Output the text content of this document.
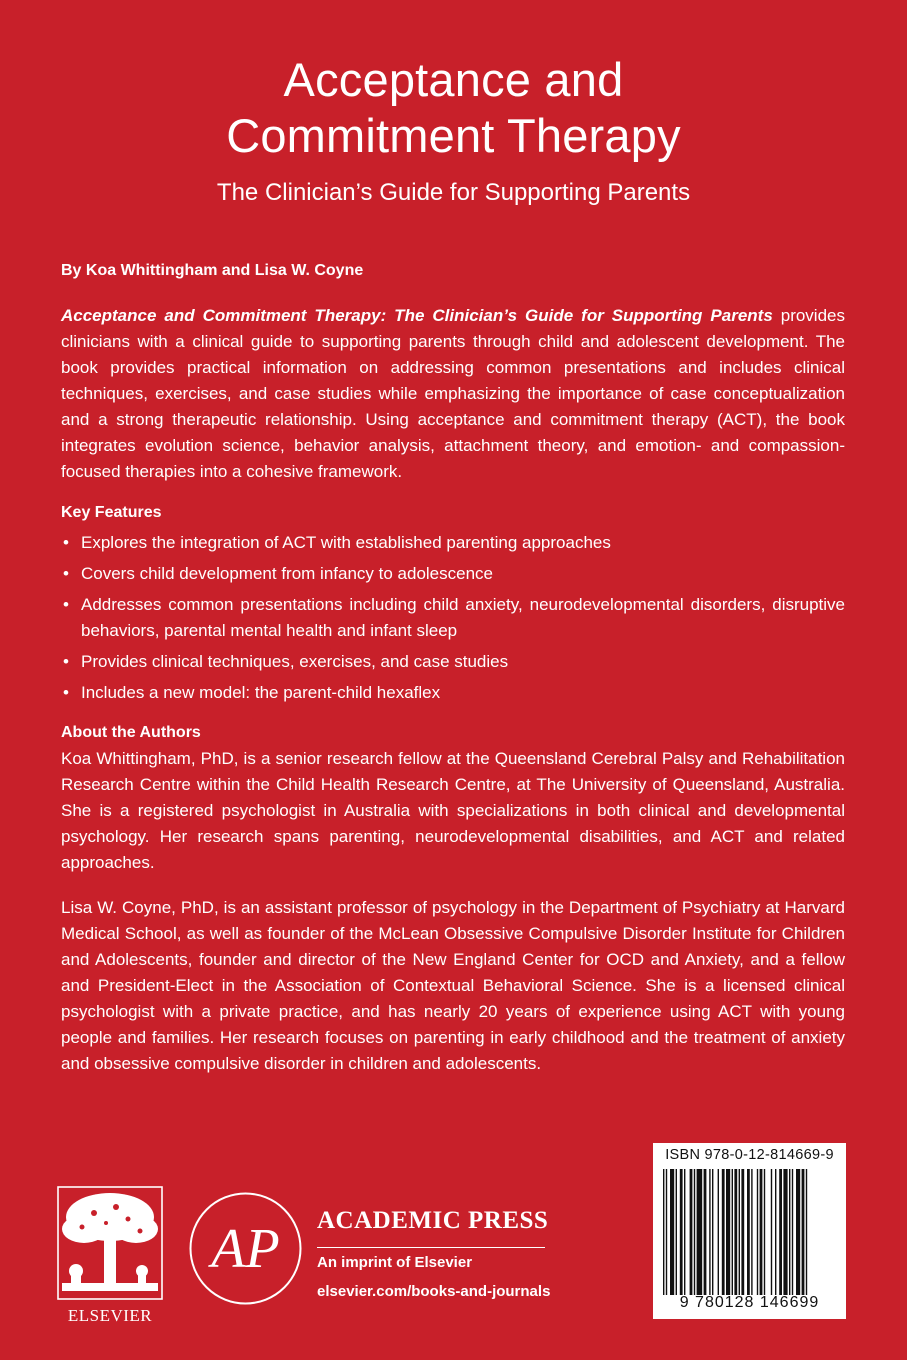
Acceptance and
Commitment Therapy
The Clinician’s Guide for Supporting Parents

By Koa Whittingham and Lisa W. Coyne

Acceptance and Commitment Therapy: The Clinician’s Guide for Supporting Parents provides clinicians with a clinical guide to supporting parents through child and adolescent development. The book provides practical information on addressing common presentations and includes clinical techniques, exercises, and case studies while emphasizing the importance of case conceptualization and a strong therapeutic relationship. Using acceptance and commitment therapy (ACT), the book integrates evolution science, behavior analysis, attachment theory, and emotion- and compassion-focused therapies into a cohesive framework.

Key Features
• Explores the integration of ACT with established parenting approaches
• Covers child development from infancy to adolescence
• Addresses common presentations including child anxiety, neurodevelopmental disorders, disruptive behaviors, parental mental health and infant sleep
• Provides clinical techniques, exercises, and case studies
• Includes a new model: the parent-child hexaflex
About the Authors

Koa Whittingham, PhD, is a senior research fellow at the Queensland Cerebral Palsy and Rehabilitation Research Centre within the Child Health Research Centre, at The University of Queensland, Australia. She is a registered psychologist in Australia with specializations in both clinical and developmental psychology. Her research spans parenting, neurodevelopmental disabilities, and ACT and related approaches.

Lisa W. Coyne, PhD, is an assistant professor of psychology in the Department of Psychiatry at Harvard Medical School, as well as founder of the McLean Obsessive Compulsive Disorder Institute for Children and Adolescents, founder and director of the New England Center for OCD and Anxiety, and a fellow and President-Elect in the Association of Contextual Behavioral Science. She is a licensed clinical psychologist with a private practice, and has nearly 20 years of experience using ACT with young people and families. Her research focuses on parenting in early childhood and the treatment of anxiety and obsessive compulsive disorder in children and adolescents.

ELSEVIER
AP ACADEMIC PRESS
An imprint of Elsevier
elsevier.com/books-and-journals
ISBN 978-0-12-814669-9
9 780128 146699
